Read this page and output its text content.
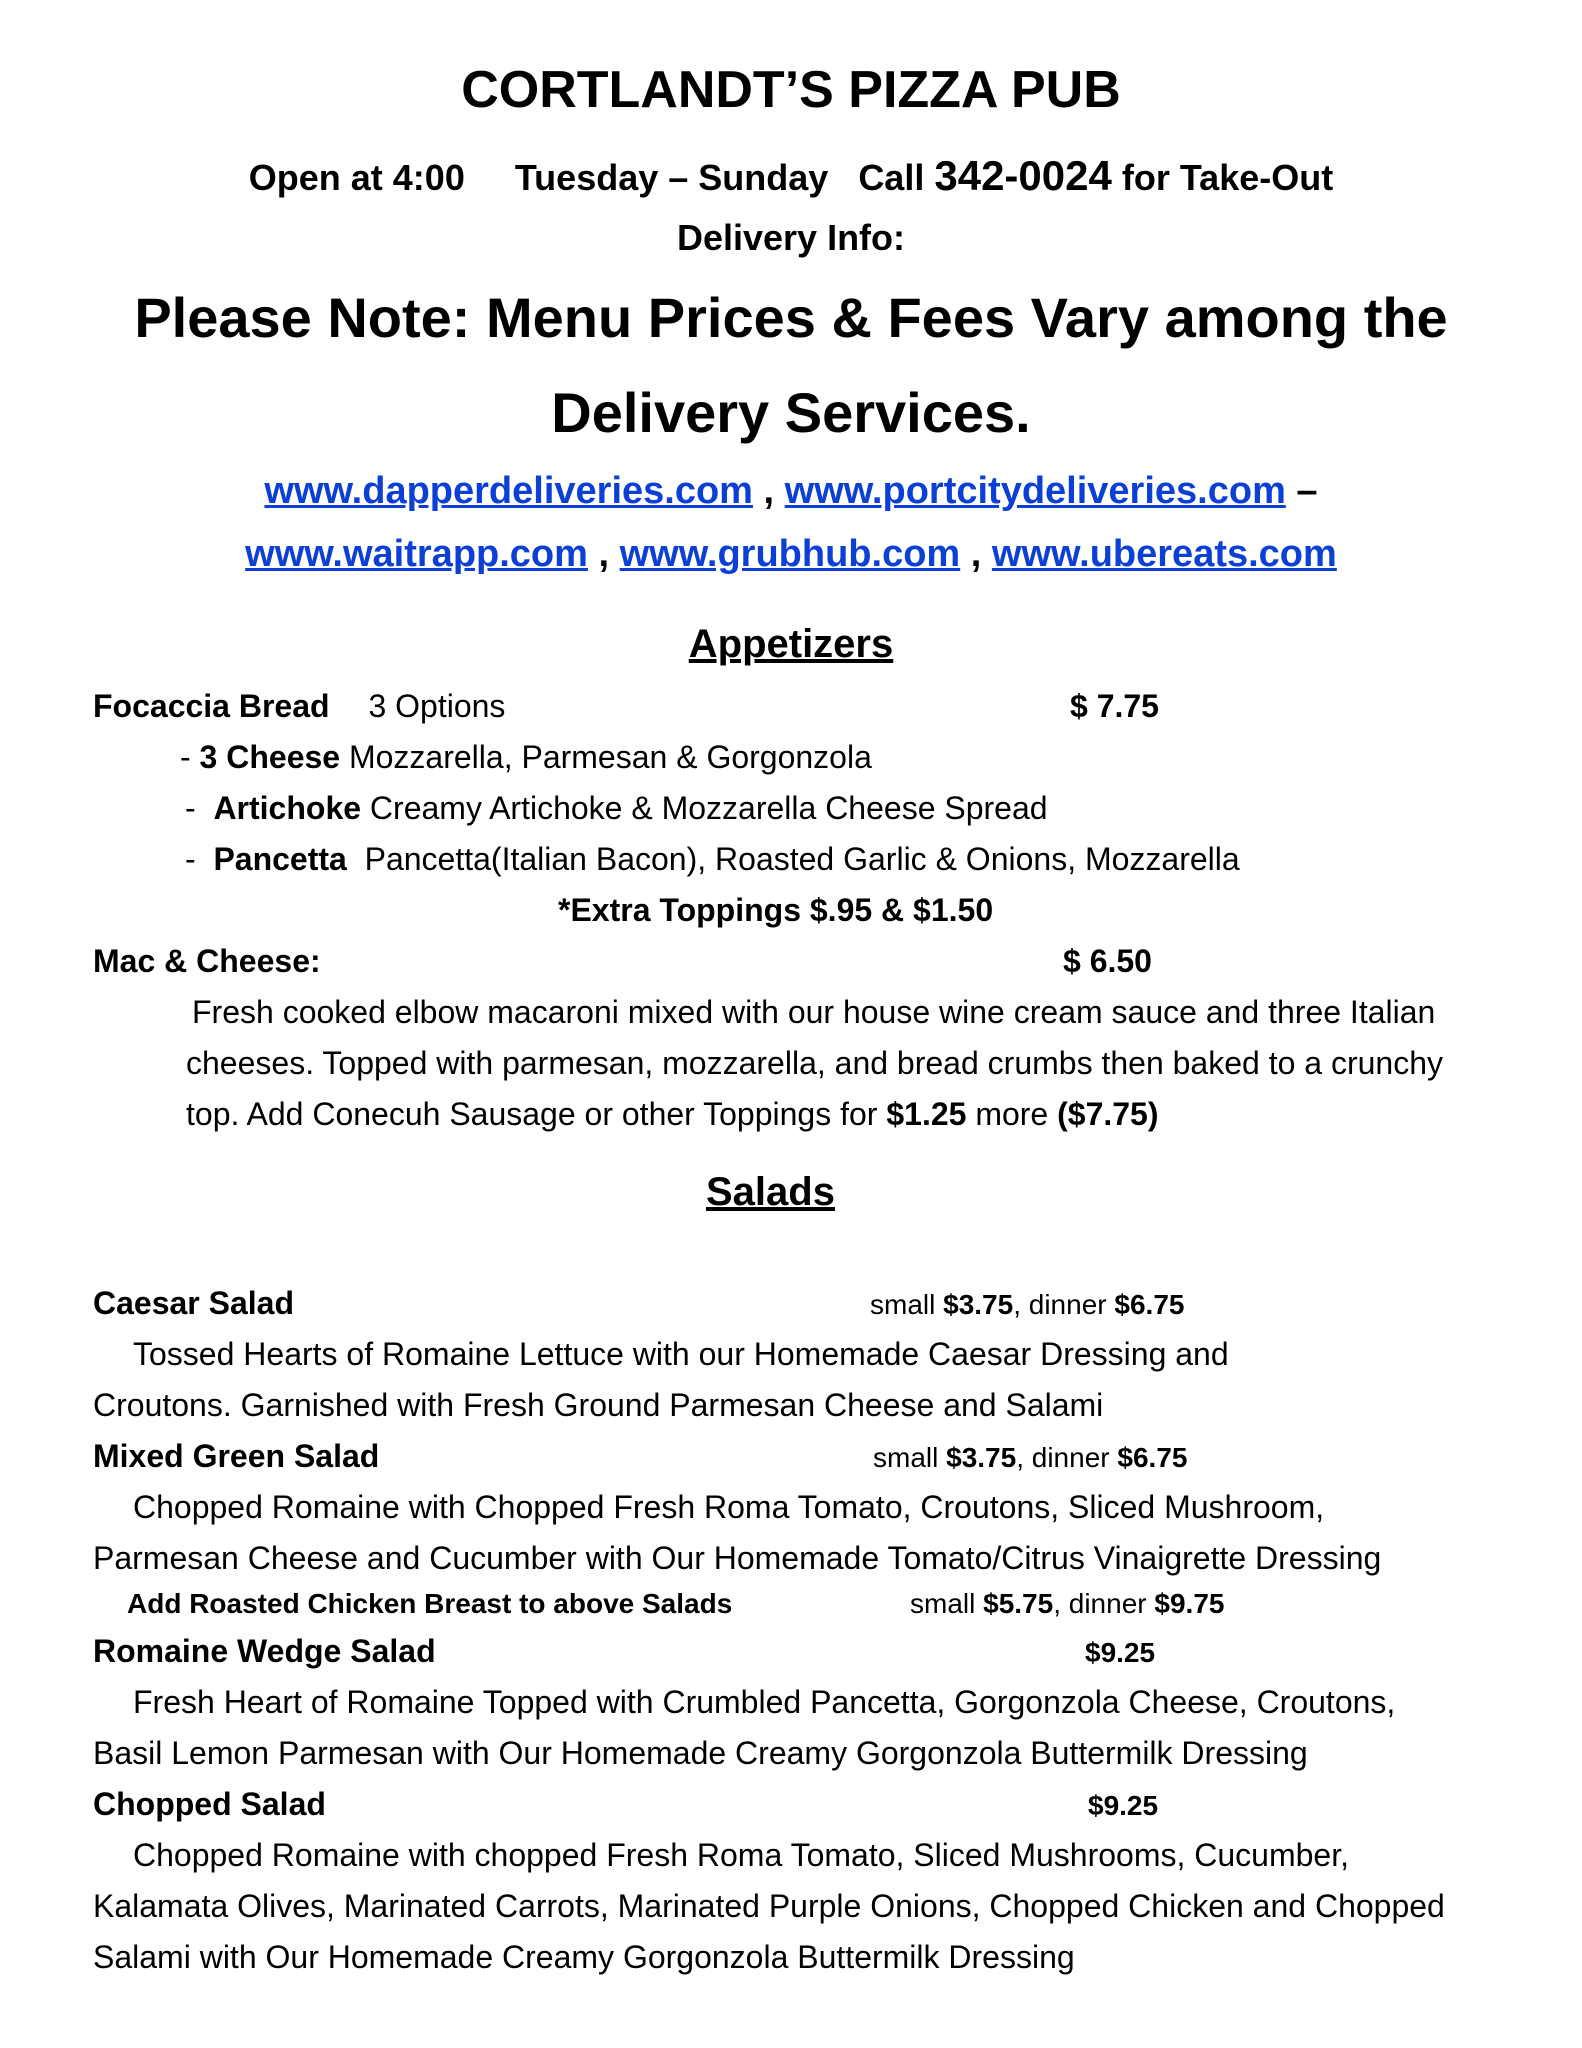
CORTLANDT’S PIZZA PUB
Open at 4:00 Tuesday – Sunday Call 342-0024 for Take-Out
Delivery Info:
Please Note: Menu Prices & Fees Vary among the
Delivery Services.
www.dapperdeliveries.com , www.portcitydeliveries.com –
www.waitrapp.com , www.grubhub.com , www.ubereats.com
Appetizers
Focaccia Bread 3 Options	$ 7.75
- 3 Cheese Mozzarella, Parmesan & Gorgonzola
-  Artichoke Creamy Artichoke & Mozzarella Cheese Spread
-  Pancetta Pancetta(Italian Bacon), Roasted Garlic & Onions, Mozzarella
*Extra Toppings $.95 & $1.50
Mac & Cheese:	$ 6.50
Fresh cooked elbow macaroni mixed with our house wine cream sauce and three Italian
cheeses. Topped with parmesan, mozzarella, and bread crumbs then baked to a crunchy
top. Add Conecuh Sausage or other Toppings for $1.25 more ($7.75)
Salads
Caesar Salad	small $3.75, dinner $6.75
Tossed Hearts of Romaine Lettuce with our Homemade Caesar Dressing and
Croutons. Garnished with Fresh Ground Parmesan Cheese and Salami
Mixed Green Salad	small $3.75, dinner $6.75
Chopped Romaine with Chopped Fresh Roma Tomato, Croutons, Sliced Mushroom,
Parmesan Cheese and Cucumber with Our Homemade Tomato/Citrus Vinaigrette Dressing
Add Roasted Chicken Breast to above Salads	small $5.75, dinner $9.75
Romaine Wedge Salad	$9.25
Fresh Heart of Romaine Topped with Crumbled Pancetta, Gorgonzola Cheese, Croutons,
Basil Lemon Parmesan with Our Homemade Creamy Gorgonzola Buttermilk Dressing
Chopped Salad	$9.25
Chopped Romaine with chopped Fresh Roma Tomato, Sliced Mushrooms, Cucumber,
Kalamata Olives, Marinated Carrots, Marinated Purple Onions, Chopped Chicken and Chopped
Salami with Our Homemade Creamy Gorgonzola Buttermilk Dressing
